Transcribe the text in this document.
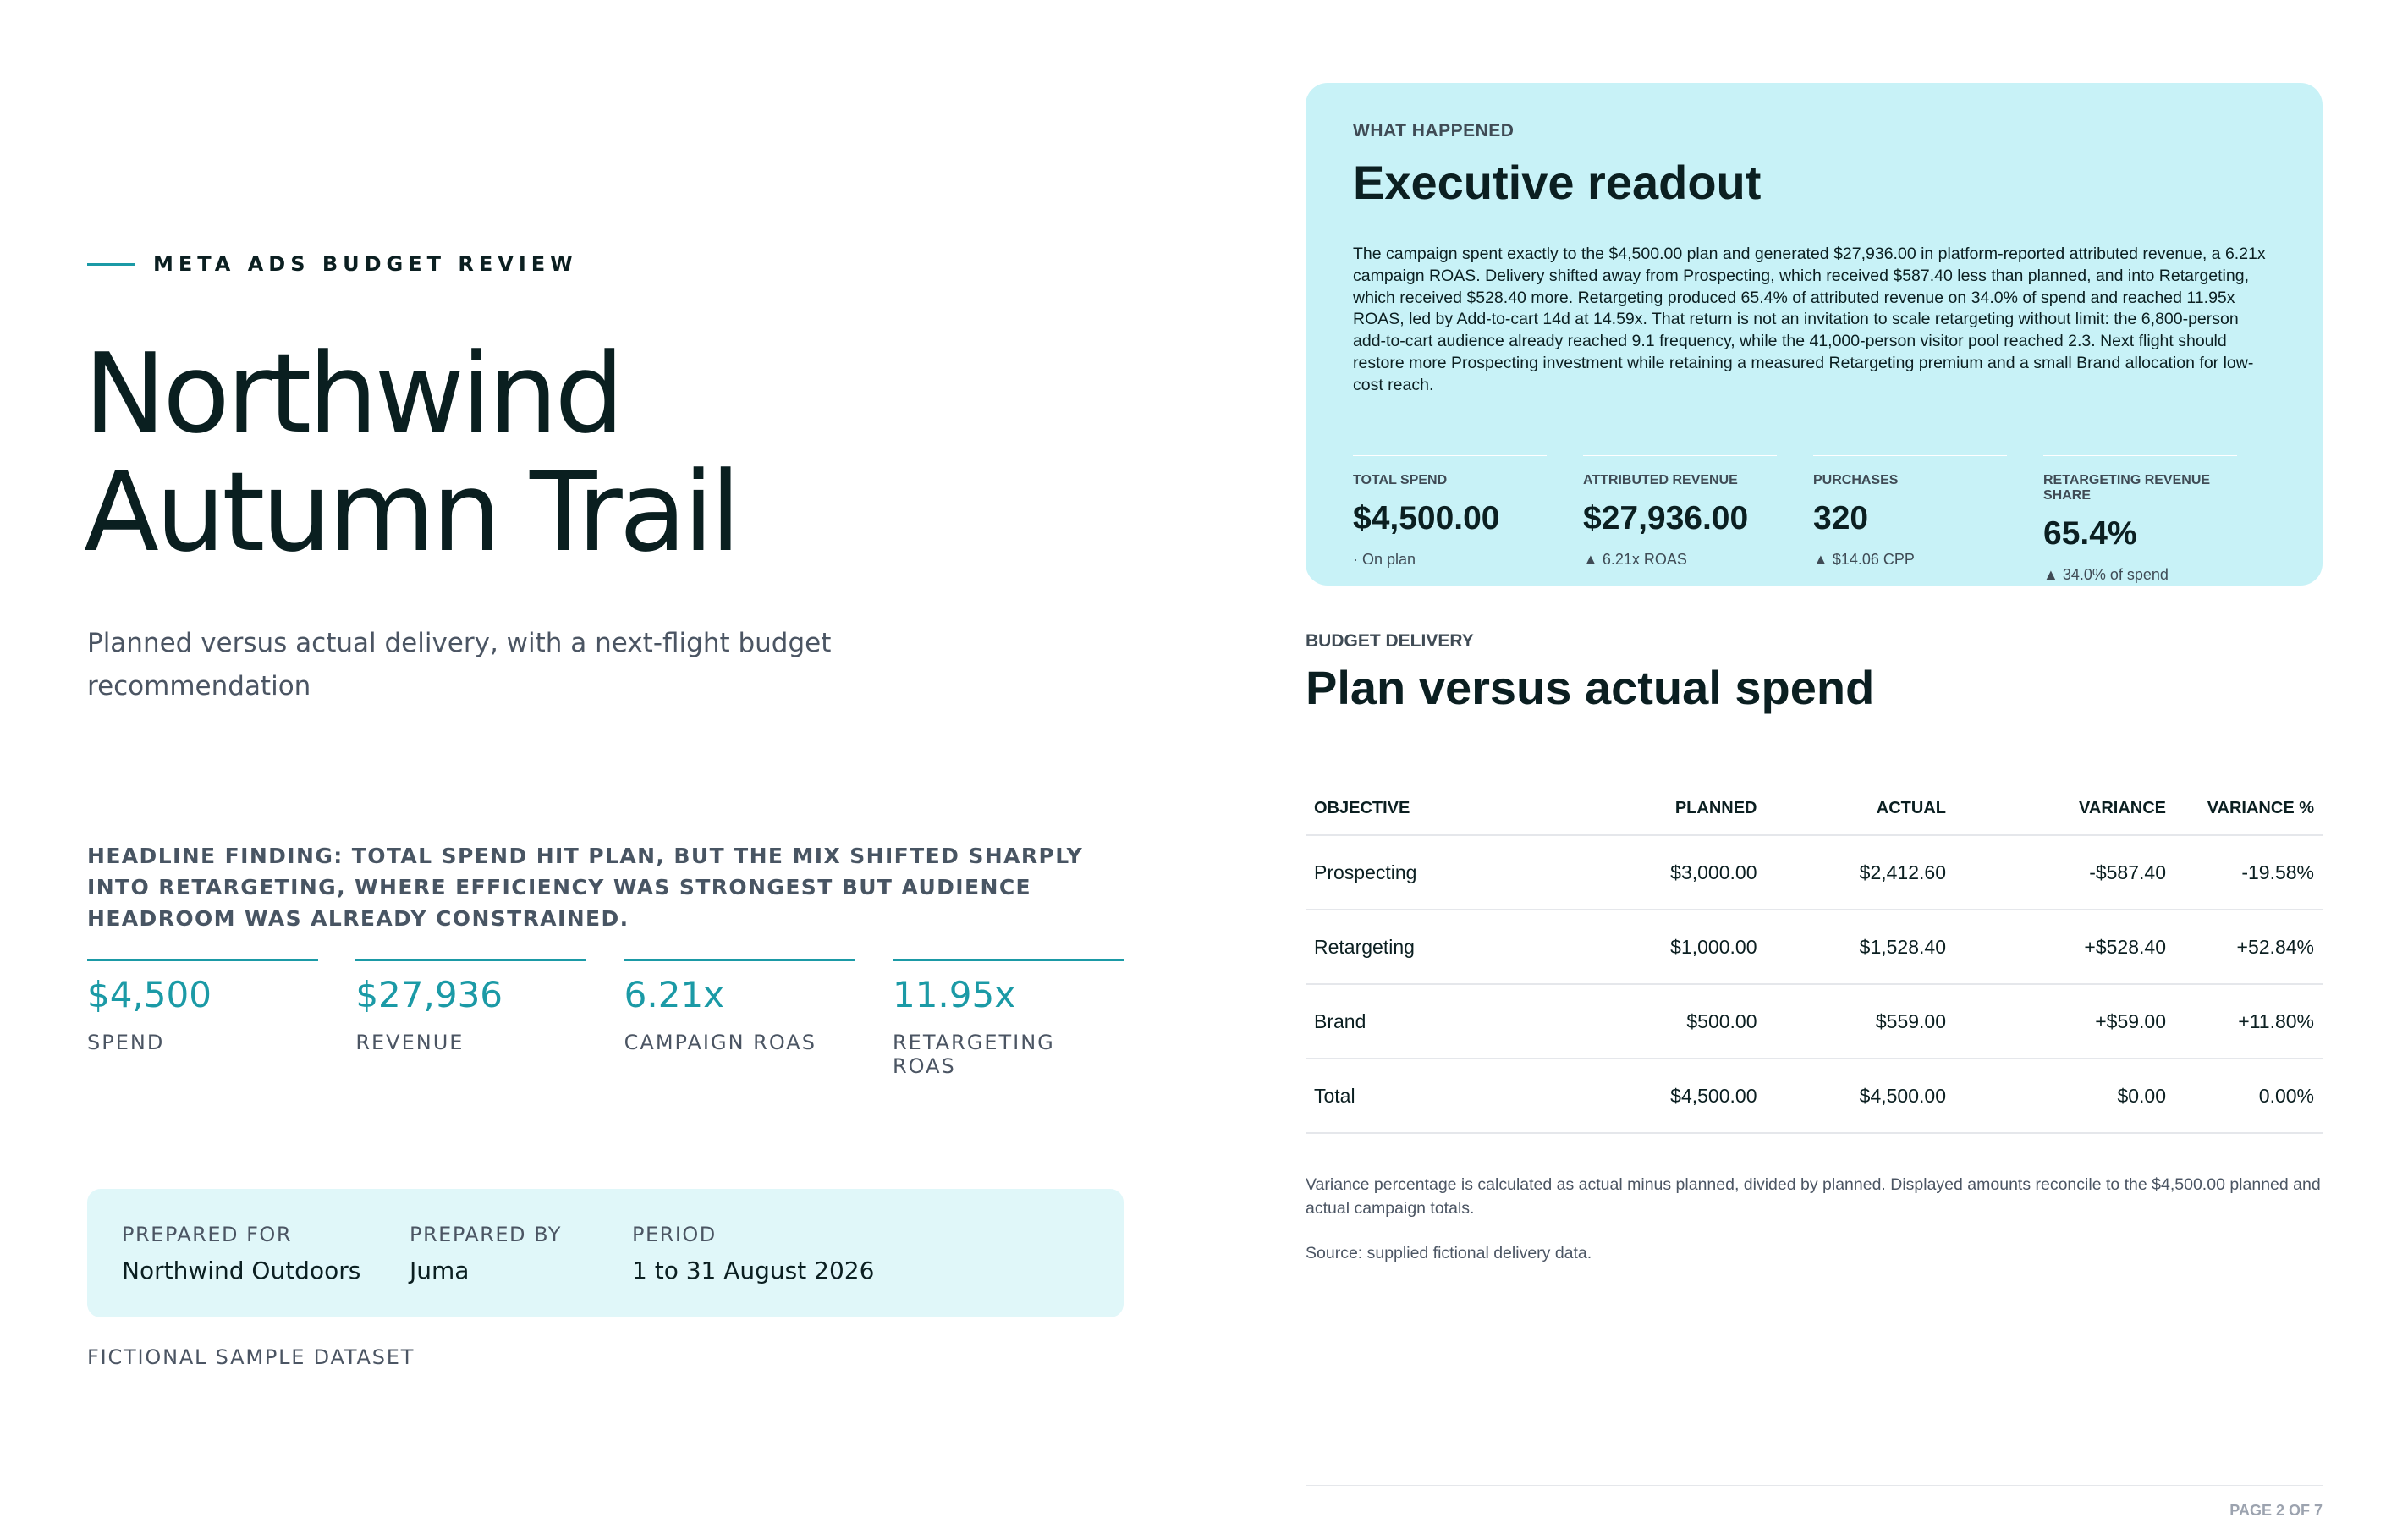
META ADS BUDGET REVIEW
Northwind
Autumn Trail
Planned versus actual delivery, with a next-flight budget recommendation
HEADLINE FINDING: TOTAL SPEND HIT PLAN, BUT THE MIX SHIFTED SHARPLY INTO RETARGETING, WHERE EFFICIENCY WAS STRONGEST BUT AUDIENCE HEADROOM WAS ALREADY CONSTRAINED.
$4,500
SPEND
$27,936
REVENUE
6.21x
CAMPAIGN ROAS
11.95x
RETARGETING ROAS
PREPARED FOR
Northwind Outdoors
PREPARED BY
Juma
PERIOD
1 to 31 August 2026
FICTIONAL SAMPLE DATASET
WHAT HAPPENED
Executive readout
The campaign spent exactly to the $4,500.00 plan and generated $27,936.00 in platform-reported attributed revenue, a 6.21x campaign ROAS. Delivery shifted away from Prospecting, which received $587.40 less than planned, and into Retargeting, which received $528.40 more. Retargeting produced 65.4% of attributed revenue on 34.0% of spend and reached 11.95x ROAS, led by Add-to-cart 14d at 14.59x. That return is not an invitation to scale retargeting without limit: the 6,800-person add-to-cart audience already reached 9.1 frequency, while the 41,000-person visitor pool reached 2.3. Next flight should restore more Prospecting investment while retaining a measured Retargeting premium and a small Brand allocation for low-cost reach.
TOTAL SPEND
$4,500.00
· On plan
ATTRIBUTED REVENUE
$27,936.00
▲ 6.21x ROAS
PURCHASES
320
▲ $14.06 CPP
RETARGETING REVENUE SHARE
65.4%
▲ 34.0% of spend
BUDGET DELIVERY
Plan versus actual spend
OBJECTIVE	PLANNED	ACTUAL	VARIANCE	VARIANCE %
Prospecting	$3,000.00	$2,412.60	-$587.40	-19.58%
Retargeting	$1,000.00	$1,528.40	+$528.40	+52.84%
Brand	$500.00	$559.00	+$59.00	+11.80%
Total	$4,500.00	$4,500.00	$0.00	0.00%
Variance percentage is calculated as actual minus planned, divided by planned. Displayed amounts reconcile to the $4,500.00 planned and actual campaign totals.
Source: supplied fictional delivery data.
PAGE 2 OF 7
